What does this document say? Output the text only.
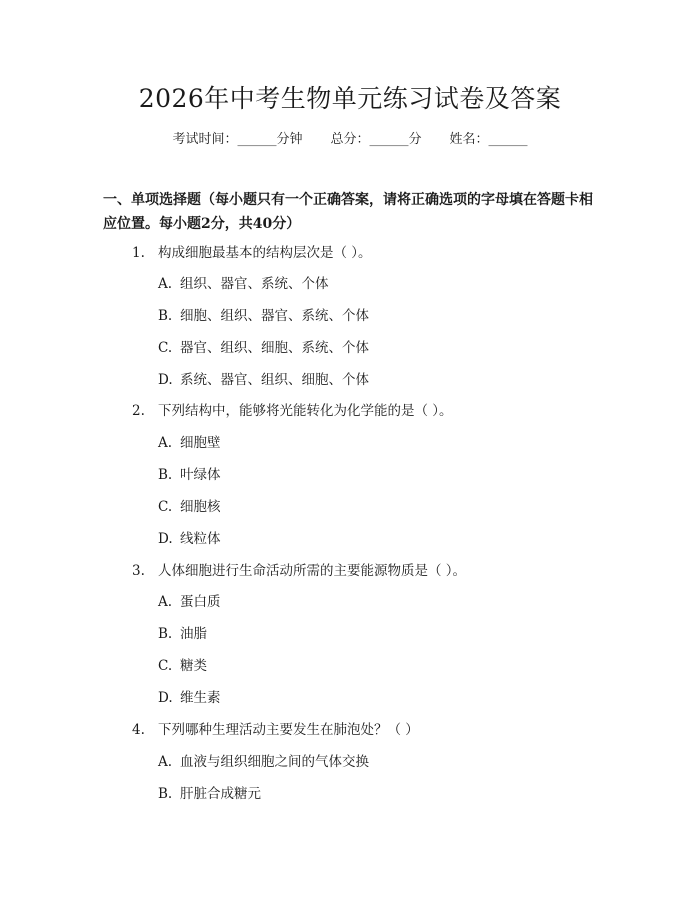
2026年中考生物单元练习试卷及答案
考试时间：______分钟 总分：______分 姓名：______
一、单项选择题（每小题只有一个正确答案，请将正确选项的字母填在答题卡相应位置。每小题2分，共40分）
1. 构成细胞最基本的结构层次是（ ）。
A. 组织、器官、系统、个体
B. 细胞、组织、器官、系统、个体
C. 器官、组织、细胞、系统、个体
D. 系统、器官、组织、细胞、个体
2. 下列结构中，能够将光能转化为化学能的是（ ）。
A. 细胞壁
B. 叶绿体
C. 细胞核
D. 线粒体
3. 人体细胞进行生命活动所需的主要能源物质是（ ）。
A. 蛋白质
B. 油脂
C. 糖类
D. 维生素
4. 下列哪种生理活动主要发生在肺泡处？（ ）
A. 血液与组织细胞之间的气体交换
B. 肝脏合成糖元
